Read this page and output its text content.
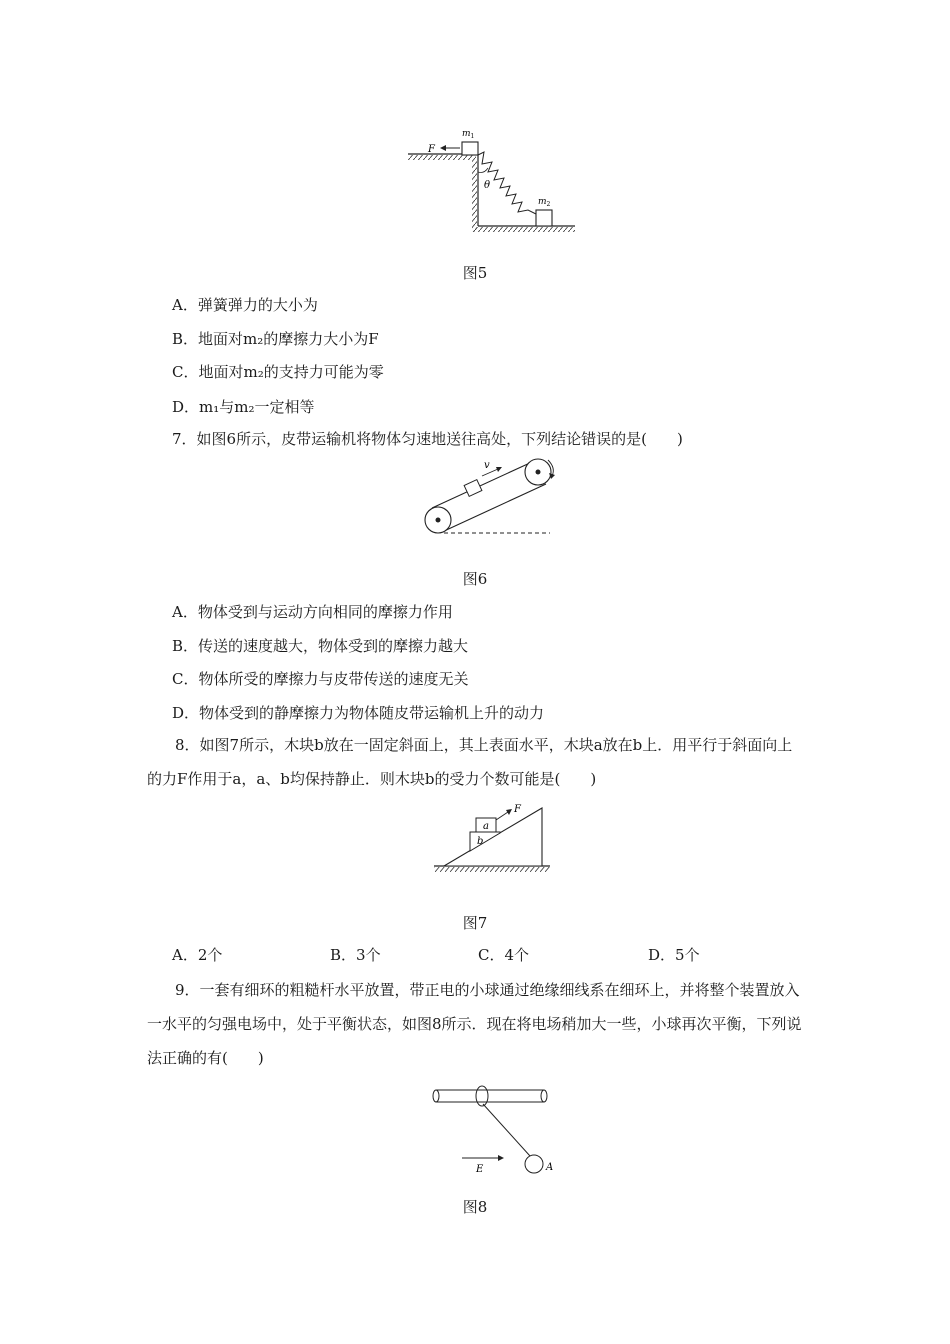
F
θ
$m_1$
$m_2$
图5
A．弹簧弹力的大小为
B．地面对m₂的摩擦力大小为F
C．地面对m₂的支持力可能为零
D．m₁与m₂一定相等
7．如图6所示，皮带运输机将物体匀速地送往高处，下列结论错误的是(　　)
v
图6
A．物体受到与运动方向相同的摩擦力作用
B．传送的速度越大，物体受到的摩擦力越大
C．物体所受的摩擦力与皮带传送的速度无关
D．物体受到的静摩擦力为物体随皮带运输机上升的动力
8．如图7所示，木块b放在一固定斜面上，其上表面水平，木块a放在b上．用平行于斜面向上的力F作用于a，a、b均保持静止．则木块b的受力个数可能是(　　)
F
a
b
图7
A．2个	B．3个	C．4个	D．5个
9．一套有细环的粗糙杆水平放置，带正电的小球通过绝缘细线系在细环上，并将整个装置放入一水平的匀强电场中，处于平衡状态，如图8所示．现在将电场稍加大一些，小球再次平衡，下列说法正确的有(　　)
A
E
图8
